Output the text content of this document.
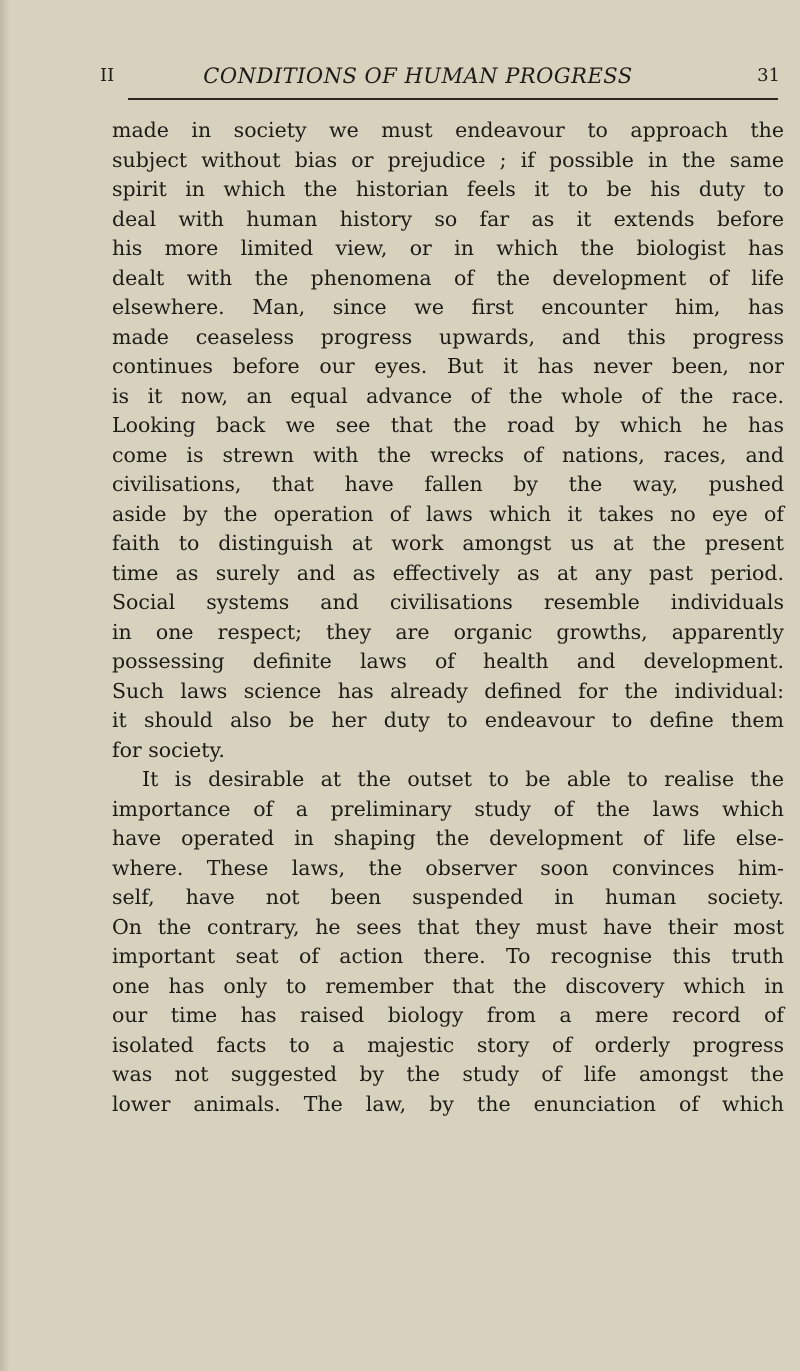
II	CONDITIONS OF HUMAN PROGRESS	31
made in society we must endeavour to approach the
subject without bias or prejudice ; if possible in the same
spirit in which the historian feels it to be his duty to
deal with human history so far as it extends before
his more limited view, or in which the biologist has
dealt with the phenomena of the development of life
elsewhere. Man, since we first encounter him, has
made ceaseless progress upwards, and this progress
continues before our eyes. But it has never been, nor
is it now, an equal advance of the whole of the race.
Looking back we see that the road by which he has
come is strewn with the wrecks of nations, races, and
civilisations, that have fallen by the way, pushed
aside by the operation of laws which it takes no eye of
faith to distinguish at work amongst us at the present
time as surely and as effectively as at any past period.
Social systems and civilisations resemble individuals
in one respect; they are organic growths, apparently
possessing definite laws of health and development.
Such laws science has already defined for the individual:
it should also be her duty to endeavour to define them
for society.
It is desirable at the outset to be able to realise the
importance of a preliminary study of the laws which
have operated in shaping the development of life else-
where. These laws, the observer soon convinces him-
self, have not been suspended in human society.
On the contrary, he sees that they must have their most
important seat of action there. To recognise this truth
one has only to remember that the discovery which in
our time has raised biology from a mere record of
isolated facts to a majestic story of orderly progress
was not suggested by the study of life amongst the
lower animals. The law, by the enunciation of which
